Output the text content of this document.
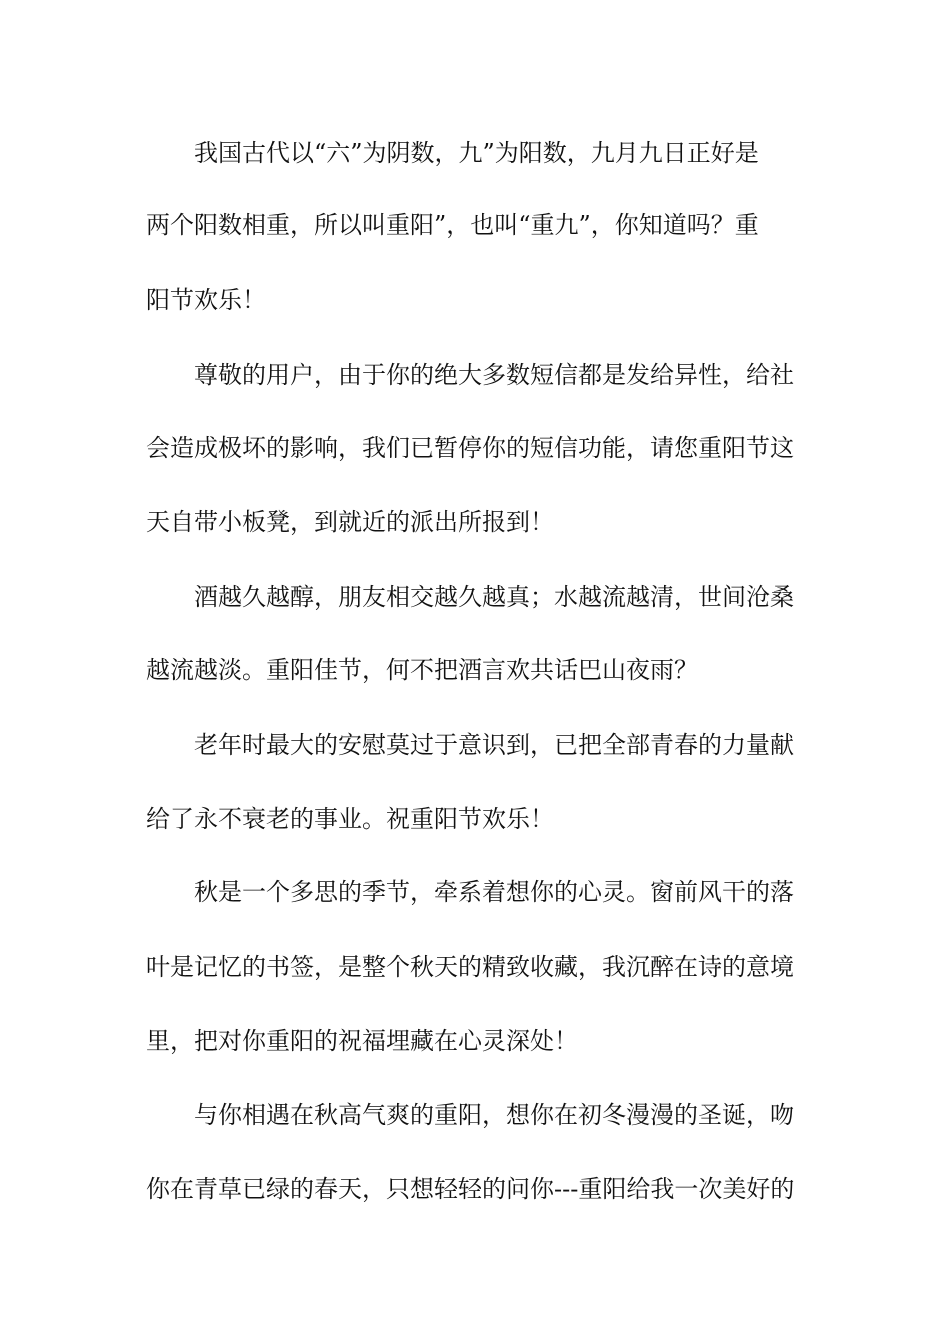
我国古代以“六”为阴数，九”为阳数，九月九日正好是
两个阳数相重，所以叫重阳”，也叫“重九”，你知道吗？重
阳节欢乐！
尊敬的用户，由于你的绝大多数短信都是发给异性，给社
会造成极坏的影响，我们已暂停你的短信功能，请您重阳节这
天自带小板凳，到就近的派出所报到！
酒越久越醇，朋友相交越久越真；水越流越清，世间沧桑
越流越淡。重阳佳节，何不把酒言欢共话巴山夜雨？
老年时最大的安慰莫过于意识到，已把全部青春的力量献
给了永不衰老的事业。祝重阳节欢乐！
秋是一个多思的季节，牵系着想你的心灵。窗前风干的落
叶是记忆的书签，是整个秋天的精致收藏，我沉醉在诗的意境
里，把对你重阳的祝福埋藏在心灵深处！
与你相遇在秋高气爽的重阳，想你在初冬漫漫的圣诞，吻
你在青草已绿的春天，只想轻轻的问你---重阳给我一次美好的
